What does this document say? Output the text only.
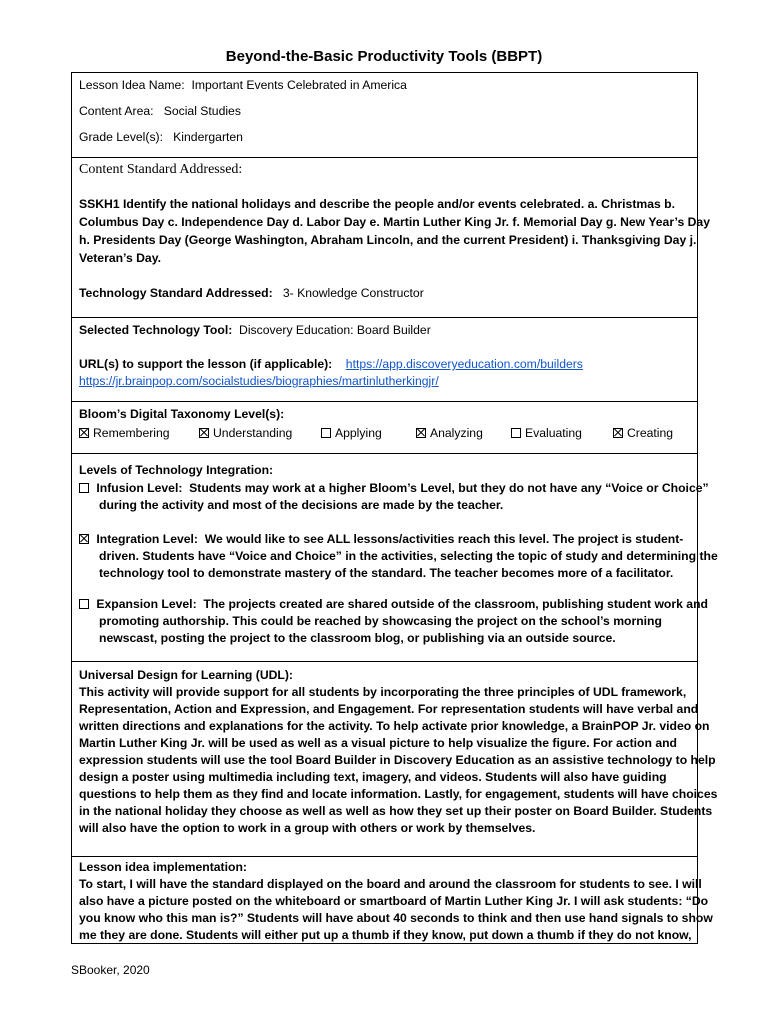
Beyond-the-Basic Productivity Tools (BBPT)
Lesson Idea Name: Important Events Celebrated in America
Content Area: Social Studies
Grade Level(s): Kindergarten
Content Standard Addressed:
SSKH1 Identify the national holidays and describe the people and/or events celebrated. a. Christmas b.
Columbus Day c. Independence Day d. Labor Day e. Martin Luther King Jr. f. Memorial Day g. New Year’s Day
h. Presidents Day (George Washington, Abraham Lincoln, and the current President) i. Thanksgiving Day j.
Veteran’s Day.
Technology Standard Addressed: 3- Knowledge Constructor
Selected Technology Tool: Discovery Education: Board Builder
URL(s) to support the lesson (if applicable): https://app.discoveryeducation.com/builders
https://jr.brainpop.com/socialstudies/biographies/martinlutherkingjr/
Bloom’s Digital Taxonomy Level(s):
Remembering	Understanding	Applying	Analyzing	Evaluating	Creating
Levels of Technology Integration:
Infusion Level: Students may work at a higher Bloom’s Level, but they do not have any “Voice or Choice”
during the activity and most of the decisions are made by the teacher.
Integration Level: We would like to see ALL lessons/activities reach this level. The project is student-
driven. Students have “Voice and Choice” in the activities, selecting the topic of study and determining the
technology tool to demonstrate mastery of the standard. The teacher becomes more of a facilitator.
Expansion Level: The projects created are shared outside of the classroom, publishing student work and
promoting authorship. This could be reached by showcasing the project on the school’s morning
newscast, posting the project to the classroom blog, or publishing via an outside source.
Universal Design for Learning (UDL):
This activity will provide support for all students by incorporating the three principles of UDL framework,
Representation, Action and Expression, and Engagement. For representation students will have verbal and
written directions and explanations for the activity. To help activate prior knowledge, a BrainPOP Jr. video on
Martin Luther King Jr. will be used as well as a visual picture to help visualize the figure. For action and
expression students will use the tool Board Builder in Discovery Education as an assistive technology to help
design a poster using multimedia including text, imagery, and videos. Students will also have guiding
questions to help them as they find and locate information. Lastly, for engagement, students will have choices
in the national holiday they choose as well as well as how they set up their poster on Board Builder. Students
will also have the option to work in a group with others or work by themselves.
Lesson idea implementation:
To start, I will have the standard displayed on the board and around the classroom for students to see. I will
also have a picture posted on the whiteboard or smartboard of Martin Luther King Jr. I will ask students: “Do
you know who this man is?” Students will have about 40 seconds to think and then use hand signals to show
me they are done. Students will either put up a thumb if they know, put down a thumb if they do not know,
SBooker, 2020
